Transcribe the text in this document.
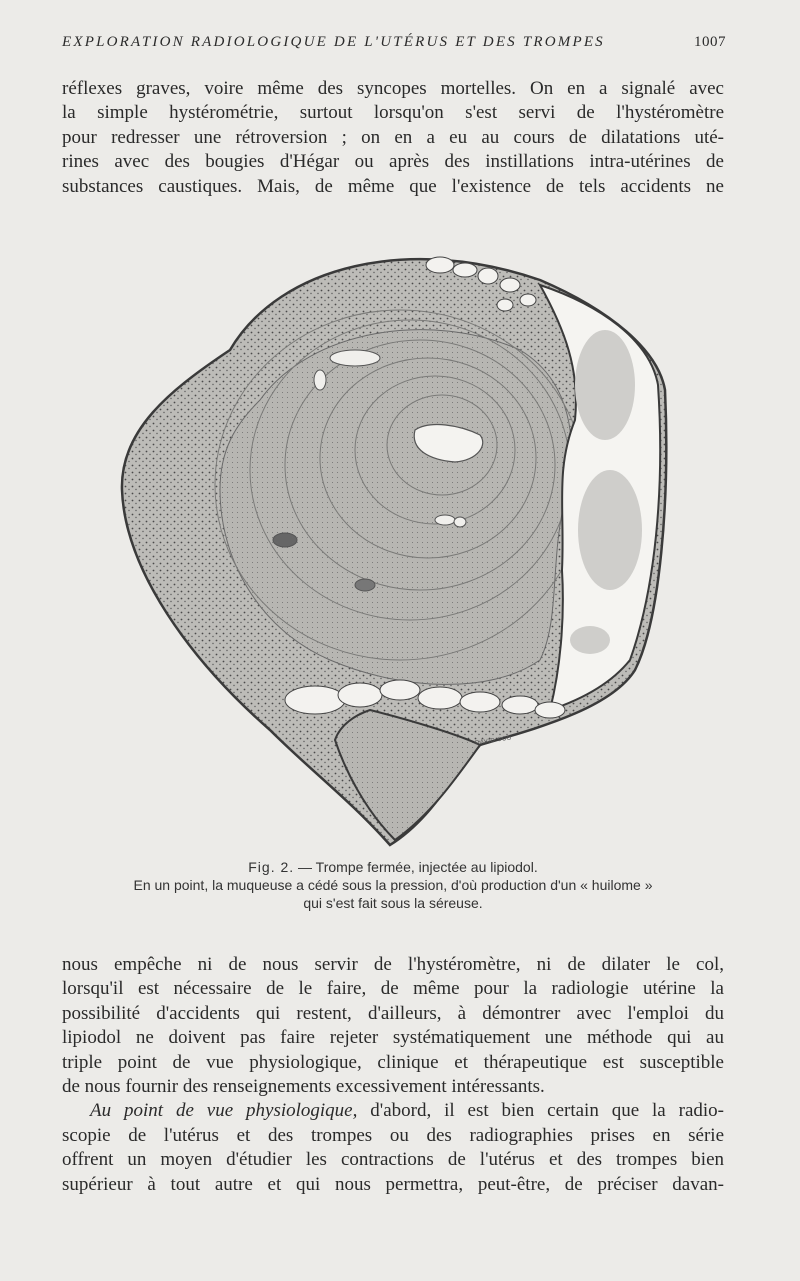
EXPLORATION RADIOLOGIQUE DE L'UTÉRUS ET DES TROMPES	1007

réflexes graves, voire même des syncopes mortelles. On en a signalé avec
la simple hystérométrie, surtout lorsqu'on s'est servi de l'hystéromètre
pour redresser une rétroversion ; on en a eu au cours de dilatations uté-
rines avec des bougies d'Hégar ou après des instillations intra-utérines de
substances caustiques. Mais, de même que l'existence de tels accidents ne

DAVID SCO
Fig. 2. — Trompe fermée, injectée au lipiodol.
En un point, la muqueuse a cédé sous la pression, d'où production d'un « huilome »
qui s'est fait sous la séreuse.

nous empêche ni de nous servir de l'hystéromètre, ni de dilater le col,
lorsqu'il est nécessaire de le faire, de même pour la radiologie utérine la
possibilité d'accidents qui restent, d'ailleurs, à démontrer avec l'emploi du
lipiodol ne doivent pas faire rejeter systématiquement une méthode qui au
triple point de vue physiologique, clinique et thérapeutique est susceptible
de nous fournir des renseignements excessivement intéressants.
Au point de vue physiologique, d'abord, il est bien certain que la radio-
scopie de l'utérus et des trompes ou des radiographies prises en série
offrent un moyen d'étudier les contractions de l'utérus et des trompes bien
supérieur à tout autre et qui nous permettra, peut-être, de préciser davan-
